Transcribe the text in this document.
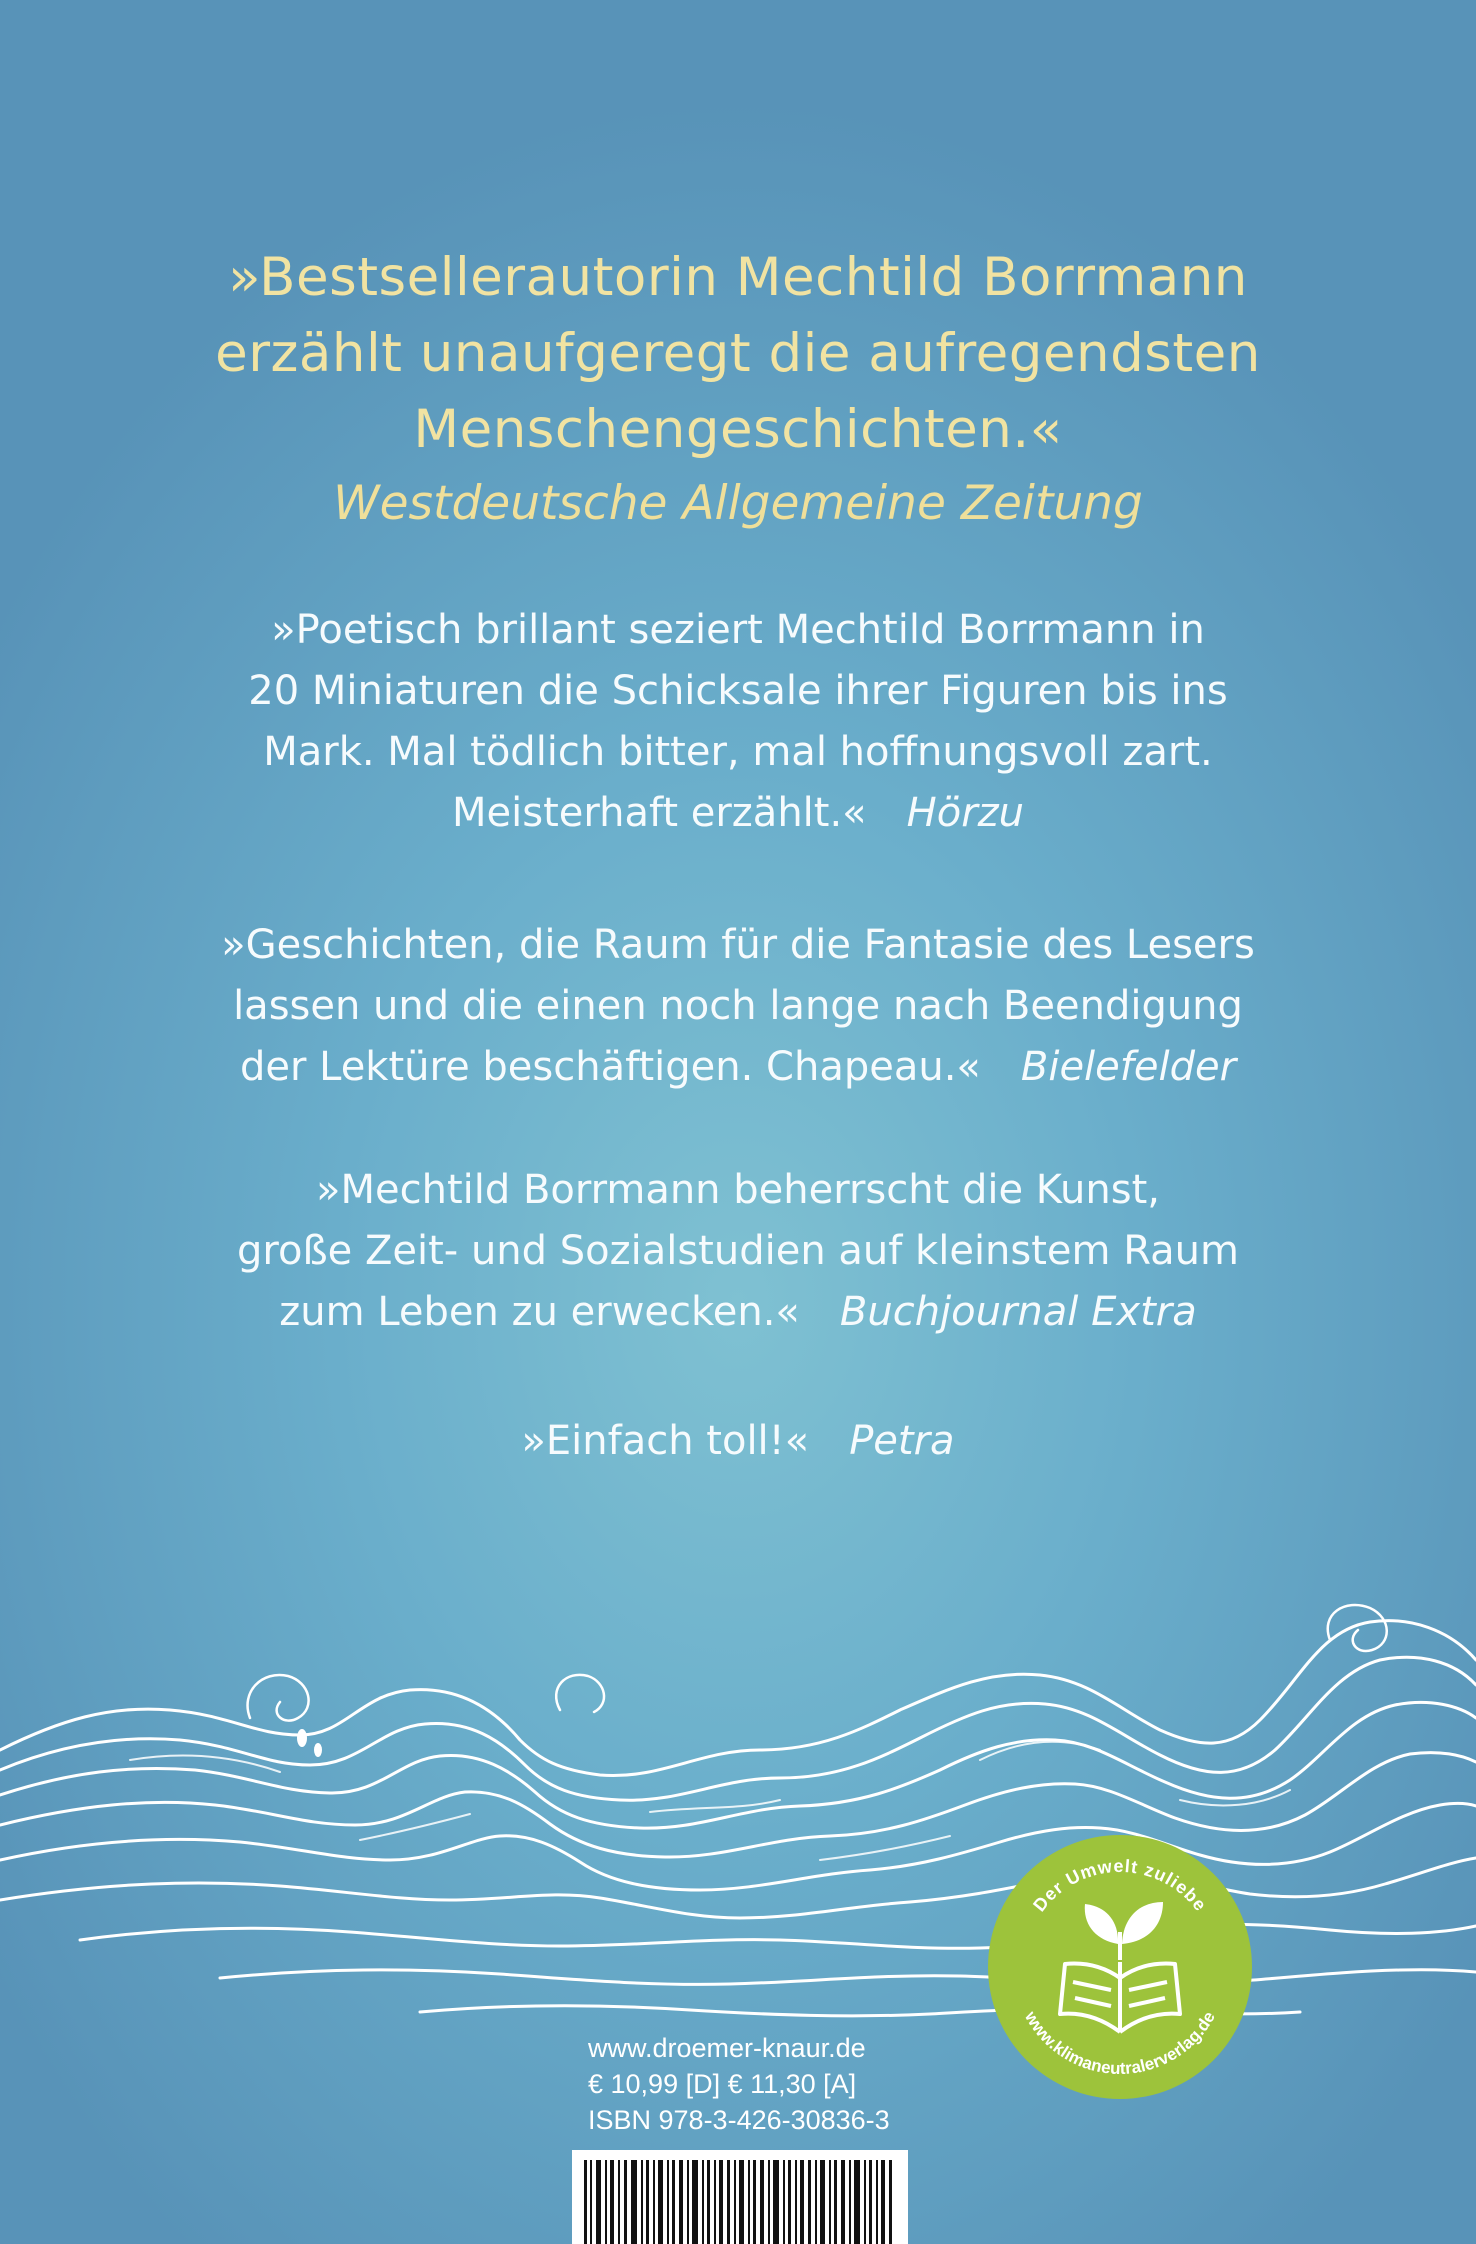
»Bestsellerautorin Mechtild Borrmann
erzählt unaufgeregt die aufregendsten
Menschengeschichten.«
Westdeutsche Allgemeine Zeitung
»Poetisch brillant seziert Mechtild Borrmann in
20 Miniaturen die Schicksale ihrer Figuren bis ins
Mark. Mal tödlich bitter, mal hoffnungsvoll zart.
Meisterhaft erzählt.« Hörzu
»Geschichten, die Raum für die Fantasie des Lesers
lassen und die einen noch lange nach Beendigung
der Lektüre beschäftigen. Chapeau.« Bielefelder
»Mechtild Borrmann beherrscht die Kunst,
große Zeit- und Sozialstudien auf kleinstem Raum
zum Leben zu erwecken.« Buchjournal Extra
»Einfach toll!« Petra
Der Umwelt zuliebe
www.klimaneutralerverlag.de
www.droemer-knaur.de
€ 10,99 [D] € 11,30 [A]
ISBN 978-3-426-30836-3
